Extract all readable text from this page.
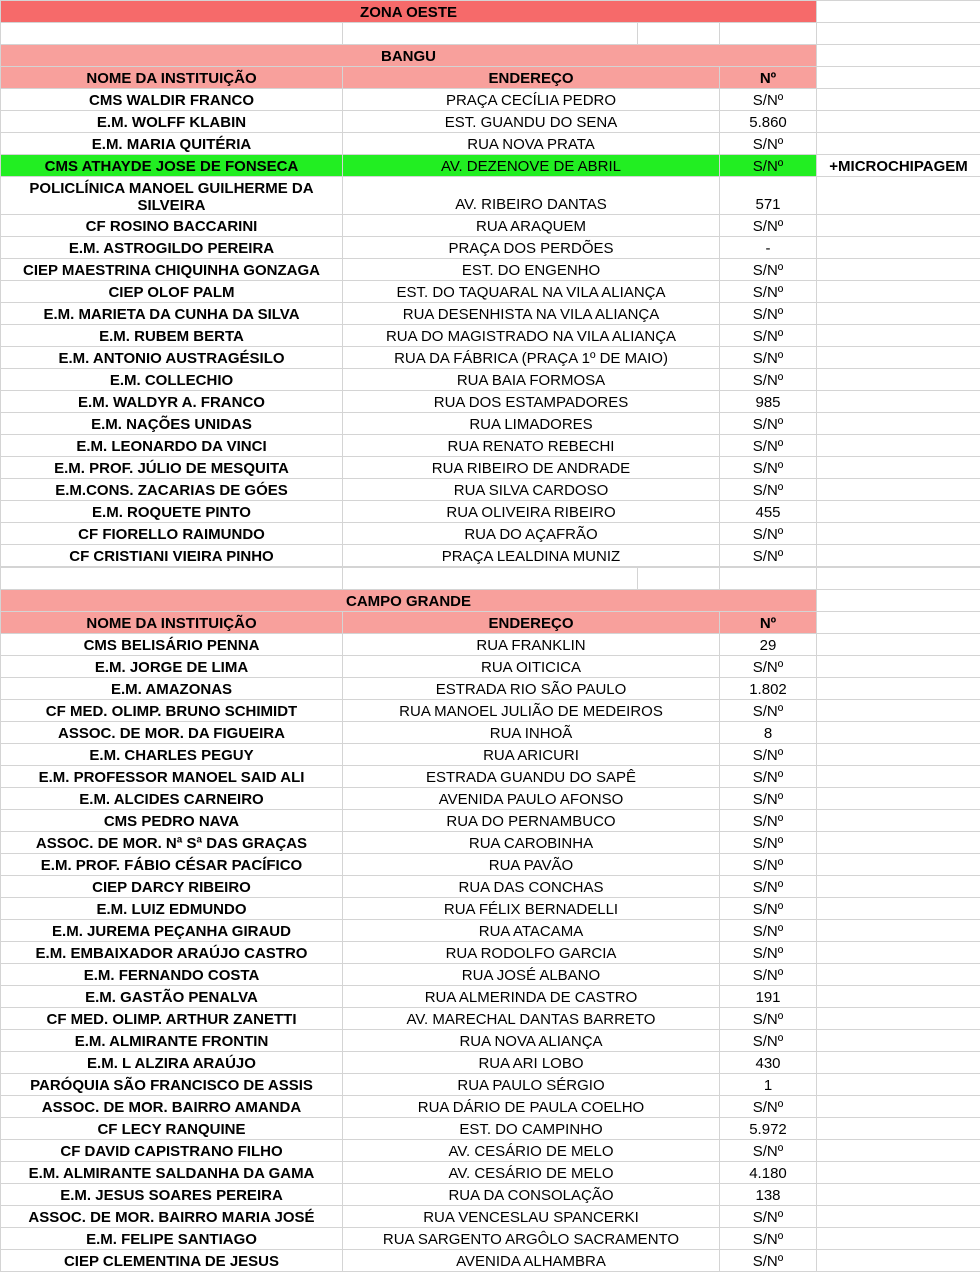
ZONA OESTE				

BANGU				
NOME DA INSTITUIÇÃO	ENDEREÇO		Nº	
CMS WALDIR FRANCO	PRAÇA CECÍLIA PEDRO		S/Nº	
E.M. WOLFF KLABIN	EST. GUANDU DO SENA		5.860	
E.M. MARIA QUITÉRIA	RUA NOVA PRATA		S/Nº	
CMS ATHAYDE JOSE DE FONSECA	AV. DEZENOVE DE ABRIL		S/Nº	+MICROCHIPAGEM
POLICLÍNICA MANOEL GUILHERME DA SILVEIRA	AV. RIBEIRO DANTAS		571	
CF ROSINO BACCARINI	RUA ARAQUEM		S/Nº	
E.M. ASTROGILDO PEREIRA	PRAÇA DOS PERDÕES		-	
CIEP MAESTRINA CHIQUINHA GONZAGA	EST. DO ENGENHO		S/Nº	
CIEP OLOF PALM	EST. DO TAQUARAL NA VILA ALIANÇA		S/Nº	
E.M. MARIETA DA CUNHA DA SILVA	RUA DESENHISTA NA VILA ALIANÇA		S/Nº	
E.M. RUBEM BERTA	RUA DO MAGISTRADO NA VILA ALIANÇA		S/Nº	
E.M. ANTONIO AUSTRAGÉSILO	RUA DA FÁBRICA (PRAÇA 1º DE MAIO)		S/Nº	
E.M. COLLECHIO	RUA BAIA FORMOSA		S/Nº	
E.M. WALDYR A. FRANCO	RUA DOS ESTAMPADORES		985	
E.M. NAÇÕES UNIDAS	RUA LIMADORES		S/Nº	
E.M. LEONARDO DA VINCI	RUA RENATO REBECHI		S/Nº	
E.M. PROF. JÚLIO DE MESQUITA	RUA RIBEIRO DE ANDRADE		S/Nº	
E.M.CONS. ZACARIAS DE GÓES	RUA SILVA CARDOSO		S/Nº	
E.M. ROQUETE PINTO	RUA OLIVEIRA RIBEIRO		455	
CF FIORELLO RAIMUNDO	RUA DO AÇAFRÃO		S/Nº	
CF CRISTIANI VIEIRA PINHO	PRAÇA LEALDINA MUNIZ		S/Nº	

CAMPO GRANDE				
NOME DA INSTITUIÇÃO	ENDEREÇO		Nº	
CMS BELISÁRIO PENNA	RUA FRANKLIN		29	
E.M. JORGE DE LIMA	RUA OITICICA		S/Nº	
E.M. AMAZONAS	ESTRADA RIO SÃO PAULO		1.802	
CF MED. OLIMP. BRUNO SCHIMIDT	RUA MANOEL JULIÃO DE MEDEIROS		S/Nº	
ASSOC. DE MOR. DA FIGUEIRA	RUA INHOÃ		8	
E.M. CHARLES PEGUY	RUA ARICURI		S/Nº	
E.M. PROFESSOR MANOEL SAID ALI	ESTRADA GUANDU DO SAPÊ		S/Nº	
E.M. ALCIDES CARNEIRO	AVENIDA PAULO AFONSO		S/Nº	
CMS PEDRO NAVA	RUA DO PERNAMBUCO		S/Nº	
ASSOC. DE MOR. Nª Sª DAS GRAÇAS	RUA CAROBINHA		S/Nº	
E.M. PROF. FÁBIO CÉSAR PACÍFICO	RUA PAVÃO		S/Nº	
CIEP DARCY RIBEIRO	RUA DAS CONCHAS		S/Nº	
E.M. LUIZ EDMUNDO	RUA FÉLIX BERNADELLI		S/Nº	
E.M. JUREMA PEÇANHA GIRAUD	RUA ATACAMA		S/Nº	
E.M. EMBAIXADOR ARAÚJO CASTRO	RUA RODOLFO GARCIA		S/Nº	
E.M. FERNANDO COSTA	RUA JOSÉ ALBANO		S/Nº	
E.M. GASTÃO PENALVA	RUA ALMERINDA DE CASTRO		191	
CF MED. OLIMP. ARTHUR ZANETTI	AV. MARECHAL DANTAS BARRETO		S/Nº	
E.M. ALMIRANTE FRONTIN	RUA NOVA ALIANÇA		S/Nº	
E.M. L ALZIRA ARAÚJO	RUA ARI LOBO		430	
PARÓQUIA SÃO FRANCISCO DE ASSIS	RUA PAULO SÉRGIO		1	
ASSOC. DE MOR. BAIRRO AMANDA	RUA DÁRIO DE PAULA COELHO		S/Nº	
CF LECY RANQUINE	EST. DO CAMPINHO		5.972	
CF DAVID CAPISTRANO FILHO	AV. CESÁRIO DE MELO		S/Nº	
E.M. ALMIRANTE SALDANHA DA GAMA	AV. CESÁRIO DE MELO		4.180	
E.M. JESUS SOARES PEREIRA	RUA DA CONSOLAÇÃO		138	
ASSOC. DE MOR. BAIRRO MARIA JOSÉ	RUA VENCESLAU SPANCERKI		S/Nº	
E.M. FELIPE SANTIAGO	RUA SARGENTO ARGÔLO SACRAMENTO		S/Nº	
CIEP CLEMENTINA DE JESUS	AVENIDA ALHAMBRA		S/Nº	
